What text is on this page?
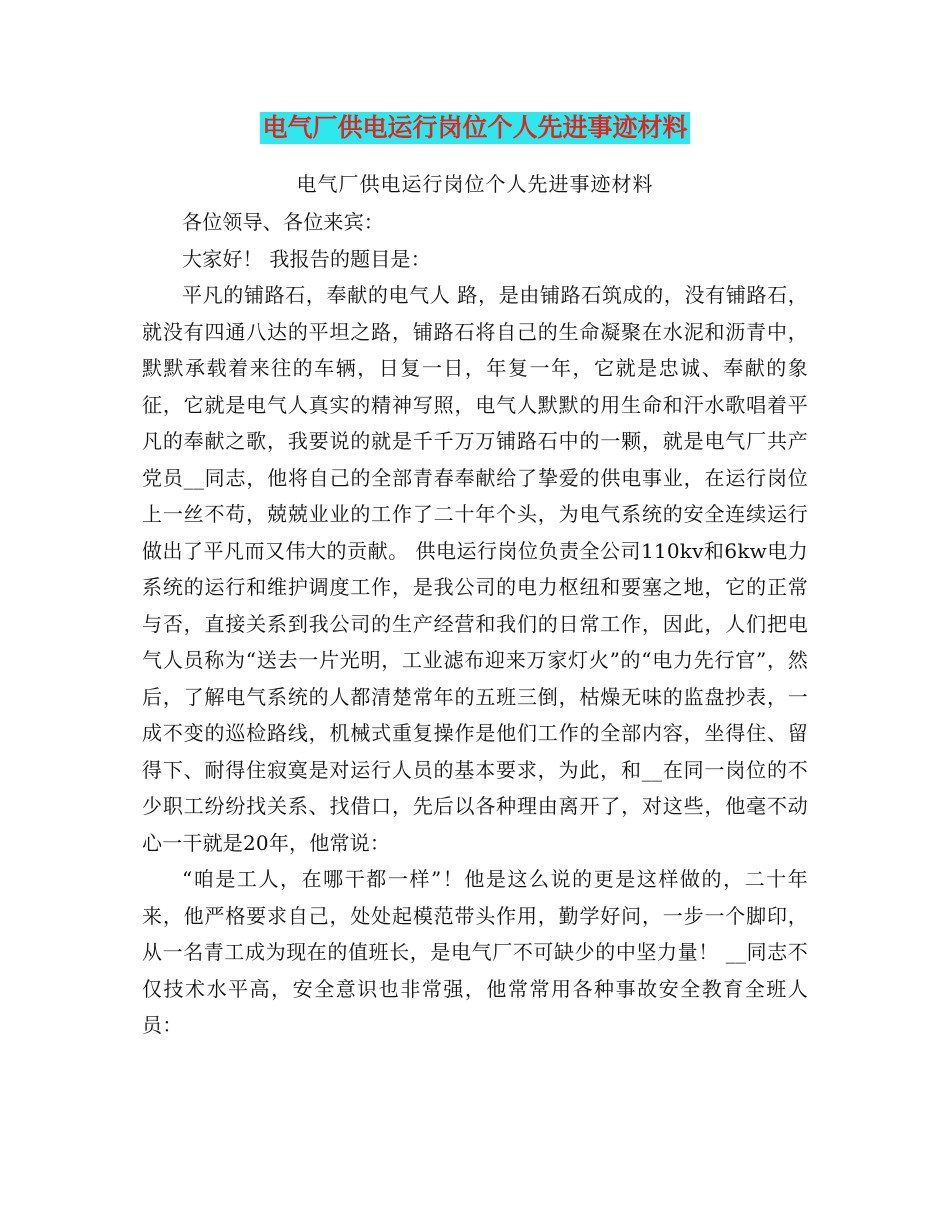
电气厂供电运行岗位个人先进事迹材料
电气厂供电运行岗位个人先进事迹材料

各位领导、各位来宾：

大家好！ 我报告的题目是：

平凡的铺路石，奉献的电气人 路，是由铺路石筑成的，没有铺路石，就没有四通八达的平坦之路，铺路石将自己的生命凝聚在水泥和沥青中，默默承载着来往的车辆，日复一日，年复一年，它就是忠诚、奉献的象征，它就是电气人真实的精神写照，电气人默默的用生命和汗水歌唱着平凡的奉献之歌，我要说的就是千千万万铺路石中的一颗，就是电气厂共产党员__同志，他将自己的全部青春奉献给了挚爱的供电事业，在运行岗位上一丝不苟，兢兢业业的工作了二十年个头，为电气系统的安全连续运行做出了平凡而又伟大的贡献。 供电运行岗位负责全公司110kv和6kw电力系统的运行和维护调度工作，是我公司的电力枢纽和要塞之地，它的正常与否，直接关系到我公司的生产经营和我们的日常工作，因此，人们把电气人员称为“送去一片光明，工业滤布迎来万家灯火”的“电力先行官”，然后，了解电气系统的人都清楚常年的五班三倒，枯燥无味的监盘抄表，一成不变的巡检路线，机械式重复操作是他们工作的全部内容，坐得住、留得下、耐得住寂寞是对运行人员的基本要求，为此，和__在同一岗位的不少职工纷纷找关系、找借口，先后以各种理由离开了，对这些，他毫不动心一干就是20年，他常说：

“咱是工人，在哪干都一样”！他是这么说的更是这样做的，二十年来，他严格要求自己，处处起模范带头作用，勤学好问，一步一个脚印，从一名青工成为现在的值班长，是电气厂不可缺少的中坚力量！ __同志不仅技术水平高，安全意识也非常强，他常常用各种事故安全教育全班人员：
